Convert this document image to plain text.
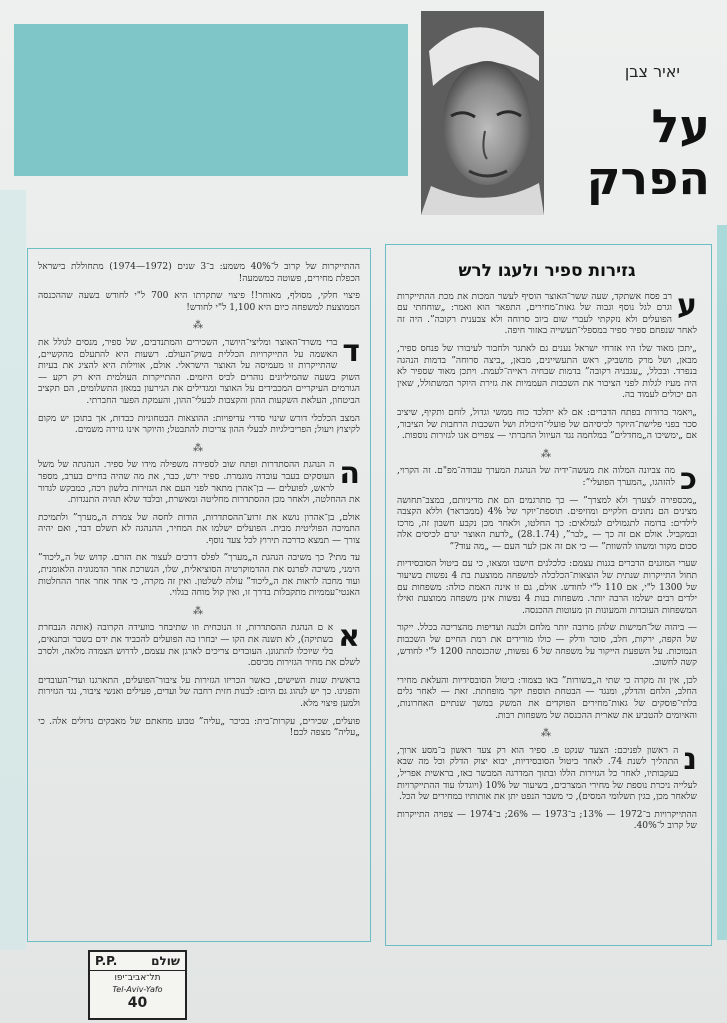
יאיר צבן
על
הפרק
גזירות ספיר ולעגו לרש

ע
רב פסח אשתקד, שעה ששר־האוצר הוסיף לעשר המכות את מכת ההתייקרות וגרם לגל נוסף וגבוה של גאות־מחירים, התפאר הוא ואמר: „שוחחתי עם הפועלים ולא נזקקתי לעברי שום ביוב סרוחה ולא צבענית רקובה”. היה זה לאחר שנפחם ספיר ספיר במספלי־תעשייה באזור חיפה.

„יתכן מאוד שלו היו אזרחי ישראל נענים גם לאתגר ולחבור לעיבורו של פנחס ספיר, מבאן, ושל מרק מושביק, ראש התעשיינים, מבאן, „ביצה סרוחה” בדמות הנהגה בנפרד. ובכלל, „עגבניה רקובה” בדמות שבחיה ראייה־לעמת. ויתכן מאוד שספיר לא היה מעיז לגלות לפני הציבור את השכבות העממיות את גזירת היוקר המשתולל, שאין הם יכולים לעמוד בה.

„ויאמר ברורות בפתח הדברים: אם לא יתלכד כוח ממשי וגדול, לוחם ותקיף, שיציב סכר בפני פלישת־היוקר לכיסיהם של פועלי־היכולת ושל השכבות הרחבות של הציבור, אם „ימשיכו ה„מחדלים” במלחמה נגד העיוול החברתי — צפויים אנו לגזירות נוספות.

⁂

כ
מה צביונה המלוה את מעשה־ידיה של הנהגת המערך עבודה־מפ"ם. זה הקרוי, להזהגו, „המערך הפועלי”:

„מכספירה לצערך ולא למצרך” — כך מתרגמים הם את מדיניותם, במצב־תחושה מצינים הם נתונים חלקיים ומוזיפים. תוספת־יוקר של 4% (ממבראר) וללא הקצבה לילדים: בדומה לתגמולים לגמלאים: כך החלטו, ולאחר מכן נקבע חשבון זה, מרכז ובמקביל. אולם אם זה כך — „לבר”, (28.1.74) „לדעת האוצר יגרם לכיסים אלה סכום מקור ומשהו להשוות” — כי אם זה אכן לער העם — „מה עוד?”

שערי המוגנים הדברים בגנות עצמם: כלכלנים חישבו ומצאו, כי עם ביטול הסובסידיות תחול התייקרות שנתית של הוצאות־הכלכלה למשפחה ממוצעת בת 4 נפשות בשיעור של 1300 ל"י, אם 110 ל"י לחודש. אולם, גם זו אינה האמת כולה: משפחות עם ילדים רבים ישלמו הרבה יותר. משפחות בנות 4 נפשות אינן משפחה ממוצעת ואילו המשפחות העובדות והמעונות הן מעוטות ההכנסה.

— ביהוה של־חמישות שלהן מרובה יותר מלחם ולבנה ועדיפות מהצריכה בכלל. ייקור של הקפה, ירקות, חלב, סוכר ודלק — כולו מורידים את רמת החיים של השכבות הנמוכות. על השפעת הייקור על משפחה של 6 נפשות, שהכנסתה 1200 ל"י לחודש, קשה לחשוב.

לכן, אין זה מקרה כי שתי ה„בשורות” באו בצמוד: ביטול הסובסידיות והעלאת מחירי החלב, הלחם והדלק, ומנגד — הבטחת תוספת יוקר מופחתת. זאת — לאחר גלים בלתי־פוסקים של גאות־מחירים הפוקדים את המשק במשך שנתיים האחרונות, והאיומים להטביע את שארית ההכנסה של משפחות רבות.

⁂

נ
ה ראשון לפניכם: הצעד שנקט פ. ספיר הוא רק צעד ראשון ב־מסע ארוך, התהליך לשנת 74. לאחר ביטול הסובסידיות, יבוא יצוק הדלק וכל מה שבא בעקבותיו, לאחר כל הגזירות הללו ובתוך המדרגה המבשר כאז, בראשית אפריל, לעלייה ניכרת נוספת של מחירי המצרכים, בשיעור של 10% (ויוגדלו עוד ההתייקרויות שלאחר מכן, בגין תשלומי המסים), כי משבר הנפט יתן את אותותיו במחירים של הכל.

ההתייקרויות ב־1972 — 13%; ב־1973 — 26%; ב־1974 — צפויה התייקרות של קרוב ל־40%.

ההתייקרות של קרוב ל־40% משמע: ב־3 שנים (1972—1974) מתחוללת בישראל הכפלת מחירים, פשוטה כמשמעה!

פיצוי חלקי, מסולף, מאוחר!! פיצוי שתקרתו היא 700 ל"י לחודש בשעה שההכנסה הממוצעת למשפחה כיום היא 1,100 ל"י לחודש!

⁂

ד
ברי משרד־האוצר ומליצי־היושר, השכירים והמתנדבים, של ספיר, מנסים לגולל את האשמה על התייקרויות הכללית בשוק־העולם. רשעות היא להתעלם מהקשיים, שהתייקרות זו מעמיסה על האוצר הישראלי. אולם, אווילות היא להציג את בעיות השוק בשעה שהמיליונים נוהרים לכיס היזמים. ההתייקרות העולמית היא רק רקע — הגורמים העיקריים המכבידים על האוצר ומגדילים את הגירעון במאזן התשלומים, הם תקציב הביטחון, העלאת השקעות ההון והקצבות לבעלי־ההון, והעמקת הפער החברתי.

המצב הכלכלי דורש שינוי סדרי עדיפויות: ההוצאות הבטחוניות כבדות, אך בתוכן יש מקום לקיצוץ ויעול; הפריבילגיות לבעלי ההון צריכות להתבטל; והיוקר אינו גזירה משמים.

⁂

ה
ה הנהגת ההסתדרות ופתח שוב לספירה משפילה מידו של ספיר. הנהגתה של משל העוסקים בעבר עובדה מוגמרת. ספיר ירש, כבר, את מה שהיה בחיים בערב, מספר לראש, לפועלים — בן־אהרן מתאר לפני העם את הגזירות בלשון רכה, כמבקש לגדור את ההחלטה, ולאחר מכן ההסתדרות מחליטה ומאשרת, ובלבד שלא תהיה התנגדות.

אולם, בן־אהרון נושא את זרוע־ההסתדרות, הודות לחסה של צמרת ה„מערך” ולתמיכת התמיכה הפוליטית מבית. הפועלים ישלמו את המחיר, ההנהגה לא תשלם דבר, ואם יהיה צורך — תמצא כדרכה תירוץ לכל צעד נוסף.

עד מתי? כך משיבה הנהגת ה„מערך” לפלס דרכים לעצור את הזרם. קדוש של ה„ליכוד” הימני, משיכה לפרנס את ההדמוקרטיה הסוציאלית, שלו, הנשרכת אחר הדמגוגיה הלאומנית, ועוד מחכה לראות את ה„ליכוד” עולה לשלטון. ואין זה מקרה, כי אחד אחר אחר ההחלטות האנטי־עממיות מתקבלות בדרך זו, ואין קול מוחה בגלוי.

⁂

א
א ם הנהגת ההסתדרות, זו הנוכחית וזו שתיבחר בוועידה הקרובה (אותה הנבחרת בשתיקה), לא תשנה את הקו — יבחרו בה הפועלים להכביד את ידם בשכר ובתנאים, בלי שיוכלו להתגונן. העובדים צריכים לארגן את עצמם, לדרוש הצמדה מלאה, ולסרב לשלם את מחיר הגזירות מכיסם.

בראשית שנות השישים, כאשר הכריזו הגזירות על ציבור־הפועלים, התארגנו ועדי־העובדים והפגינו. כך יש לנהוג גם היום: לבנות חזית רחבה של ועדים, פעילים ואנשי ציבור, נגד הגזירות ולמען פיצוי מלא.

פועלים, שכירים, עקרות־בית: בכיכר „עליה” טבוע מחאתם של מאבקים גדולים אלה. כי „עליה” מצפה לכם!

P.P.	שולם
תל־אביב־יפו
Tel-Aviv-Yafo
40
